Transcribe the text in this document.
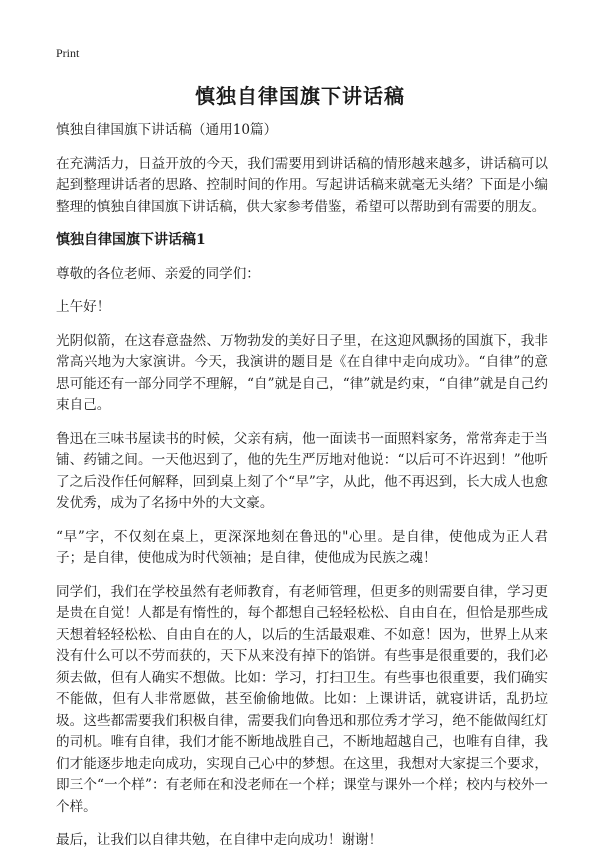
Print
慎独自律国旗下讲话稿

慎独自律国旗下讲话稿（通用10篇）

在充满活力，日益开放的今天，我们需要用到讲话稿的情形越来越多，讲话稿可以起到整理讲话者的思路、控制时间的作用。写起讲话稿来就毫无头绪？下面是小编整理的慎独自律国旗下讲话稿，供大家参考借鉴，希望可以帮助到有需要的朋友。

慎独自律国旗下讲话稿1

尊敬的各位老师、亲爱的同学们：

上午好！

光阴似箭，在这春意盎然、万物勃发的美好日子里，在这迎风飘扬的国旗下，我非常高兴地为大家演讲。今天，我演讲的题目是《在自律中走向成功》。“自律”的意思可能还有一部分同学不理解，“自”就是自己，“律”就是约束，“自律”就是自己约束自己。

鲁迅在三味书屋读书的时候，父亲有病，他一面读书一面照料家务，常常奔走于当铺、药铺之间。一天他迟到了，他的先生严厉地对他说：“以后可不许迟到！”他听了之后没作任何解释，回到桌上刻了个“早”字，从此，他不再迟到，长大成人也愈发优秀，成为了名扬中外的大文豪。

“早”字，不仅刻在桌上，更深深地刻在鲁迅的"心里。是自律，使他成为正人君子；是自律，使他成为时代领袖；是自律，使他成为民族之魂！

同学们，我们在学校虽然有老师教育，有老师管理，但更多的则需要自律，学习更是贵在自觉！人都是有惰性的，每个都想自己轻轻松松、自由自在，但恰是那些成天想着轻轻松松、自由自在的人，以后的生活最艰难、不如意！因为，世界上从来没有什么可以不劳而获的，天下从来没有掉下的馅饼。有些事是很重要的，我们必须去做，但有人确实不想做。比如：学习，打扫卫生。有些事也很重要，我们确实不能做，但有人非常愿做，甚至偷偷地做。比如：上课讲话，就寝讲话，乱扔垃圾。这些都需要我们积极自律，需要我们向鲁迅和那位秀才学习，绝不能做闯红灯的司机。唯有自律，我们才能不断地战胜自己，不断地超越自己，也唯有自律，我们才能逐步地走向成功，实现自己心中的梦想。在这里，我想对大家提三个要求，即三个“一个样”：有老师在和没老师在一个样；课堂与课外一个样；校内与校外一个样。

最后，让我们以自律共勉，在自律中走向成功！谢谢！
